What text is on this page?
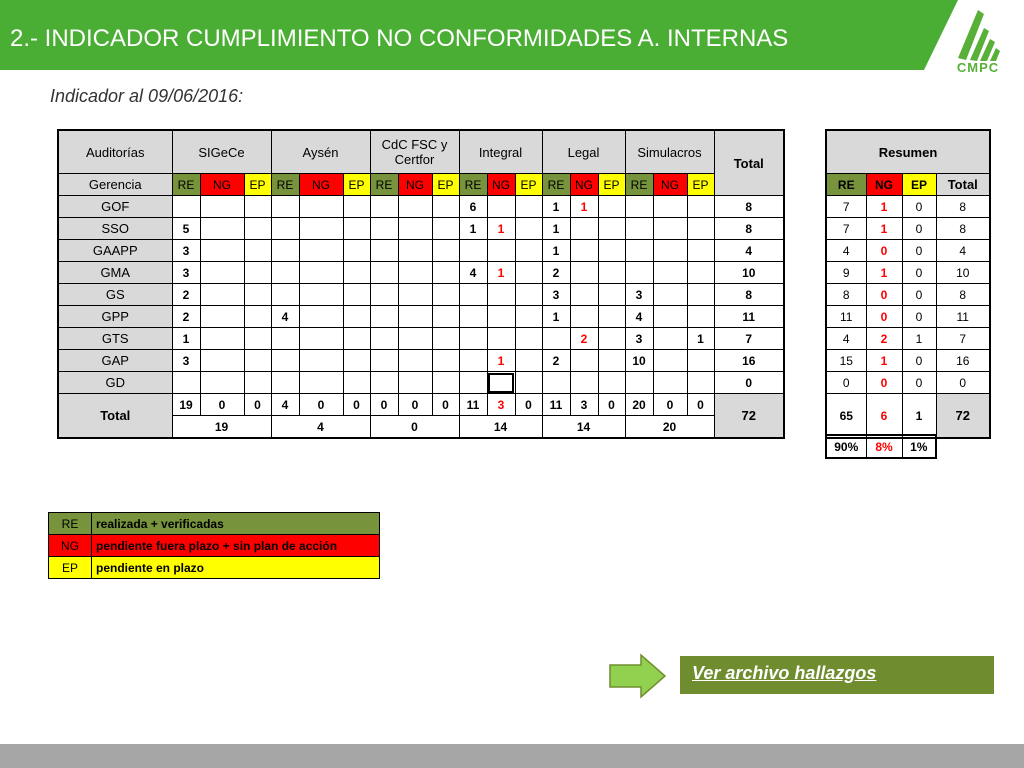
2.- INDICADOR CUMPLIMIENTO NO CONFORMIDADES A. INTERNAS
CMPC
Indicador al 09/06/2016:
Auditorías	SIGeCe			Aysén			CdC FSC y Certfor			Integral			Legal			Simulacros			Total
Gerencia	RE	NG	EP	RE	NG	EP	RE	NG	EP	RE	NG	EP	RE	NG	EP	RE	NG	EP	
GOF										6			1	1					8
SSO	5									1	1		1						8
GAAPP	3												1						4
GMA	3									4	1		2						10
GS	2												3			3			8
GPP	2			4									1			4			11
GTS	1													2		3		1	7
GAP	3										1		2			10			16
GD																			0
Total	19	0	0	4	0	0	0	0	0	11	3	0	11	3	0	20	0	0	72
	19			4			0			14			14			20			
Resumen			
RE	NG	EP	Total
7	1	0	8
7	1	0	8
4	0	0	4
9	1	0	10
8	0	0	8
11	0	0	11
4	2	1	7
15	1	0	16
0	0	0	0
65	6	1	72
90%	8%	1%
RE	realizada + verificadas
NG	pendiente fuera plazo + sin plan de acción
EP	pendiente en plazo
Ver archivo hallazgos
